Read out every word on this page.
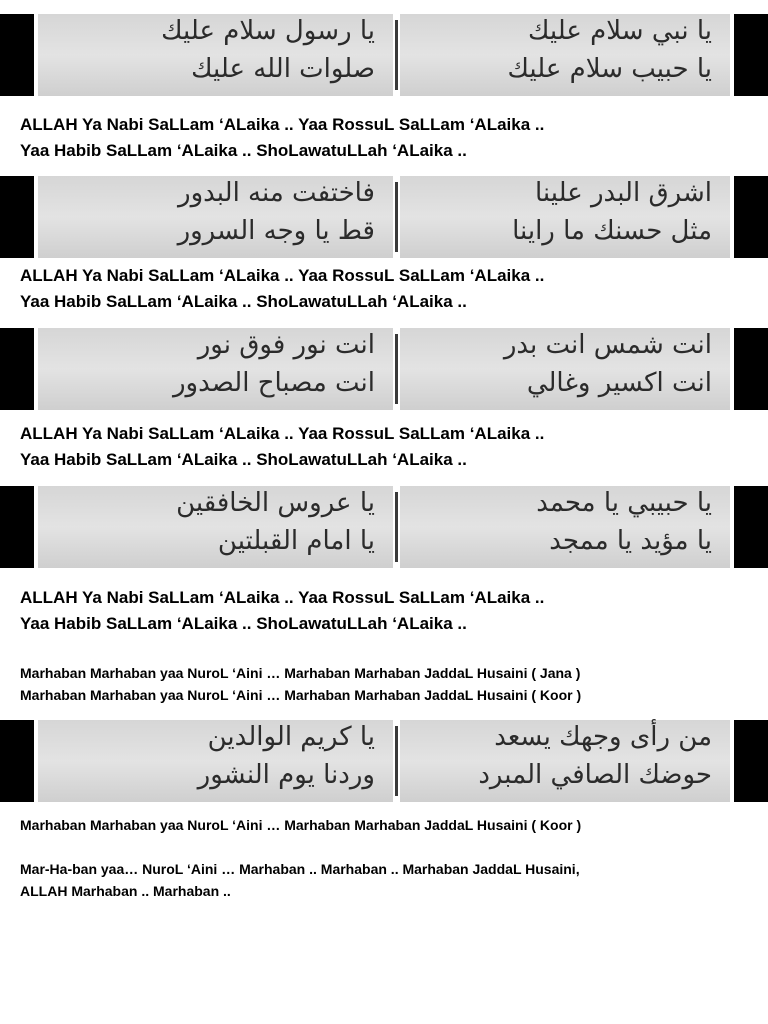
يا رسول سلام عليك
صلوات الله عليك
يا نبي سلام عليك
يا حبيب سلام عليك
ALLAH Ya Nabi SaLLam ‘ALaika .. Yaa RossuL SaLLam ‘ALaika ..
Yaa Habib SaLLam ‘ALaika .. ShoLawatuLLah ‘ALaika ..
فاختفت منه البدور
قط يا وجه السرور
اشرق البدر علينا
مثل حسنك ما راينا
ALLAH Ya Nabi SaLLam ‘ALaika .. Yaa RossuL SaLLam ‘ALaika ..
Yaa Habib SaLLam ‘ALaika .. ShoLawatuLLah ‘ALaika ..
انت نور فوق نور
انت مصباح الصدور
انت شمس انت بدر
انت اكسير وغالي
ALLAH Ya Nabi SaLLam ‘ALaika .. Yaa RossuL SaLLam ‘ALaika ..
Yaa Habib SaLLam ‘ALaika .. ShoLawatuLLah ‘ALaika ..
يا عروس الخافقين
يا امام القبلتين
يا حبيبي يا محمد
يا مؤيد يا ممجد
ALLAH Ya Nabi SaLLam ‘ALaika .. Yaa RossuL SaLLam ‘ALaika ..
Yaa Habib SaLLam ‘ALaika .. ShoLawatuLLah ‘ALaika ..
Marhaban Marhaban yaa NuroL ‘Aini … Marhaban Marhaban JaddaL Husaini ( Jana )
Marhaban Marhaban yaa NuroL ‘Aini … Marhaban Marhaban JaddaL Husaini ( Koor )
يا كريم الوالدين
وردنا يوم النشور
من رأى وجهك يسعد
حوضك الصافي المبرد
Marhaban Marhaban yaa NuroL ‘Aini … Marhaban Marhaban JaddaL Husaini ( Koor )
Mar-Ha-ban yaa… NuroL ‘Aini … Marhaban .. Marhaban .. Marhaban JaddaL Husaini,
ALLAH Marhaban .. Marhaban ..
